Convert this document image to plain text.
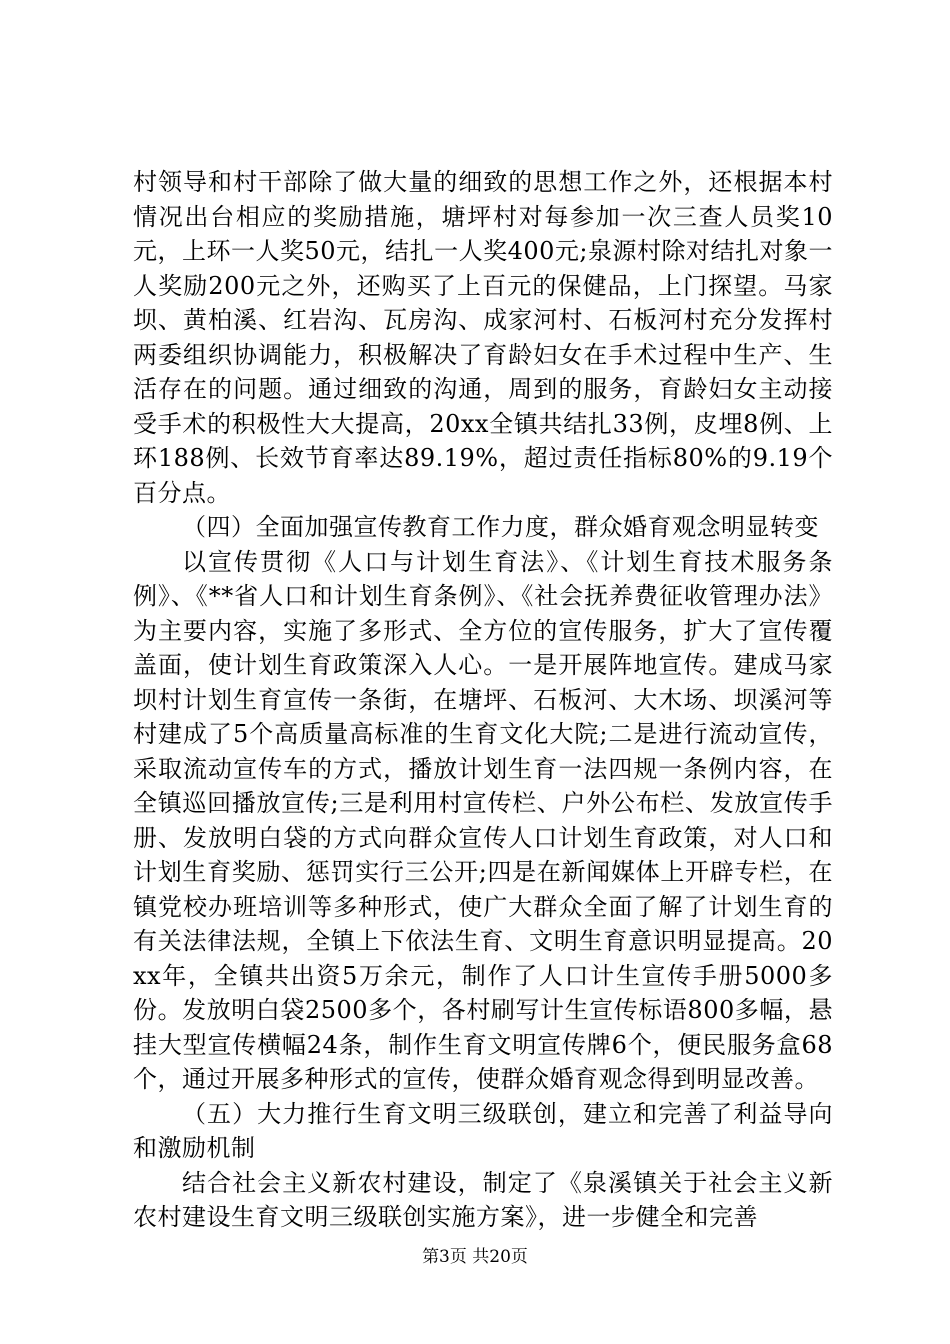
村领导和村干部除了做大量的细致的思想工作之外，还根据本村情况出台相应的奖励措施，塘坪村对每参加一次三查人员奖10元，上环一人奖50元，结扎一人奖400元;泉源村除对结扎对象一人奖励200元之外，还购买了上百元的保健品，上门探望。马家坝、黄柏溪、红岩沟、瓦房沟、成家河村、石板河村充分发挥村两委组织协调能力，积极解决了育龄妇女在手术过程中生产、生活存在的问题。通过细致的沟通，周到的服务，育龄妇女主动接受手术的积极性大大提高，20xx全镇共结扎33例，皮埋8例、上环188例、长效节育率达89.19%，超过责任指标80%的9.19个百分点。

（四）全面加强宣传教育工作力度，群众婚育观念明显转变

以宣传贯彻《人口与计划生育法》、《计划生育技术服务条例》、《**省人口和计划生育条例》、《社会抚养费征收管理办法》为主要内容，实施了多形式、全方位的宣传服务，扩大了宣传覆盖面，使计划生育政策深入人心。一是开展阵地宣传。建成马家坝村计划生育宣传一条街，在塘坪、石板河、大木场、坝溪河等村建成了5个高质量高标准的生育文化大院;二是进行流动宣传，采取流动宣传车的方式，播放计划生育一法四规一条例内容，在全镇巡回播放宣传;三是利用村宣传栏、户外公布栏、发放宣传手册、发放明白袋的方式向群众宣传人口计划生育政策，对人口和计划生育奖励、惩罚实行三公开;四是在新闻媒体上开辟专栏，在镇党校办班培训等多种形式，使广大群众全面了解了计划生育的有关法律法规，全镇上下依法生育、文明生育意识明显提高。20xx年，全镇共出资5万余元，制作了人口计生宣传手册5000多份。发放明白袋2500多个，各村刷写计生宣传标语800多幅，悬挂大型宣传横幅24条，制作生育文明宣传牌6个，便民服务盒68个，通过开展多种形式的宣传，使群众婚育观念得到明显改善。

（五）大力推行生育文明三级联创，建立和完善了利益导向和激励机制

结合社会主义新农村建设，制定了《泉溪镇关于社会主义新农村建设生育文明三级联创实施方案》，进一步健全和完善

第3页 共20页
